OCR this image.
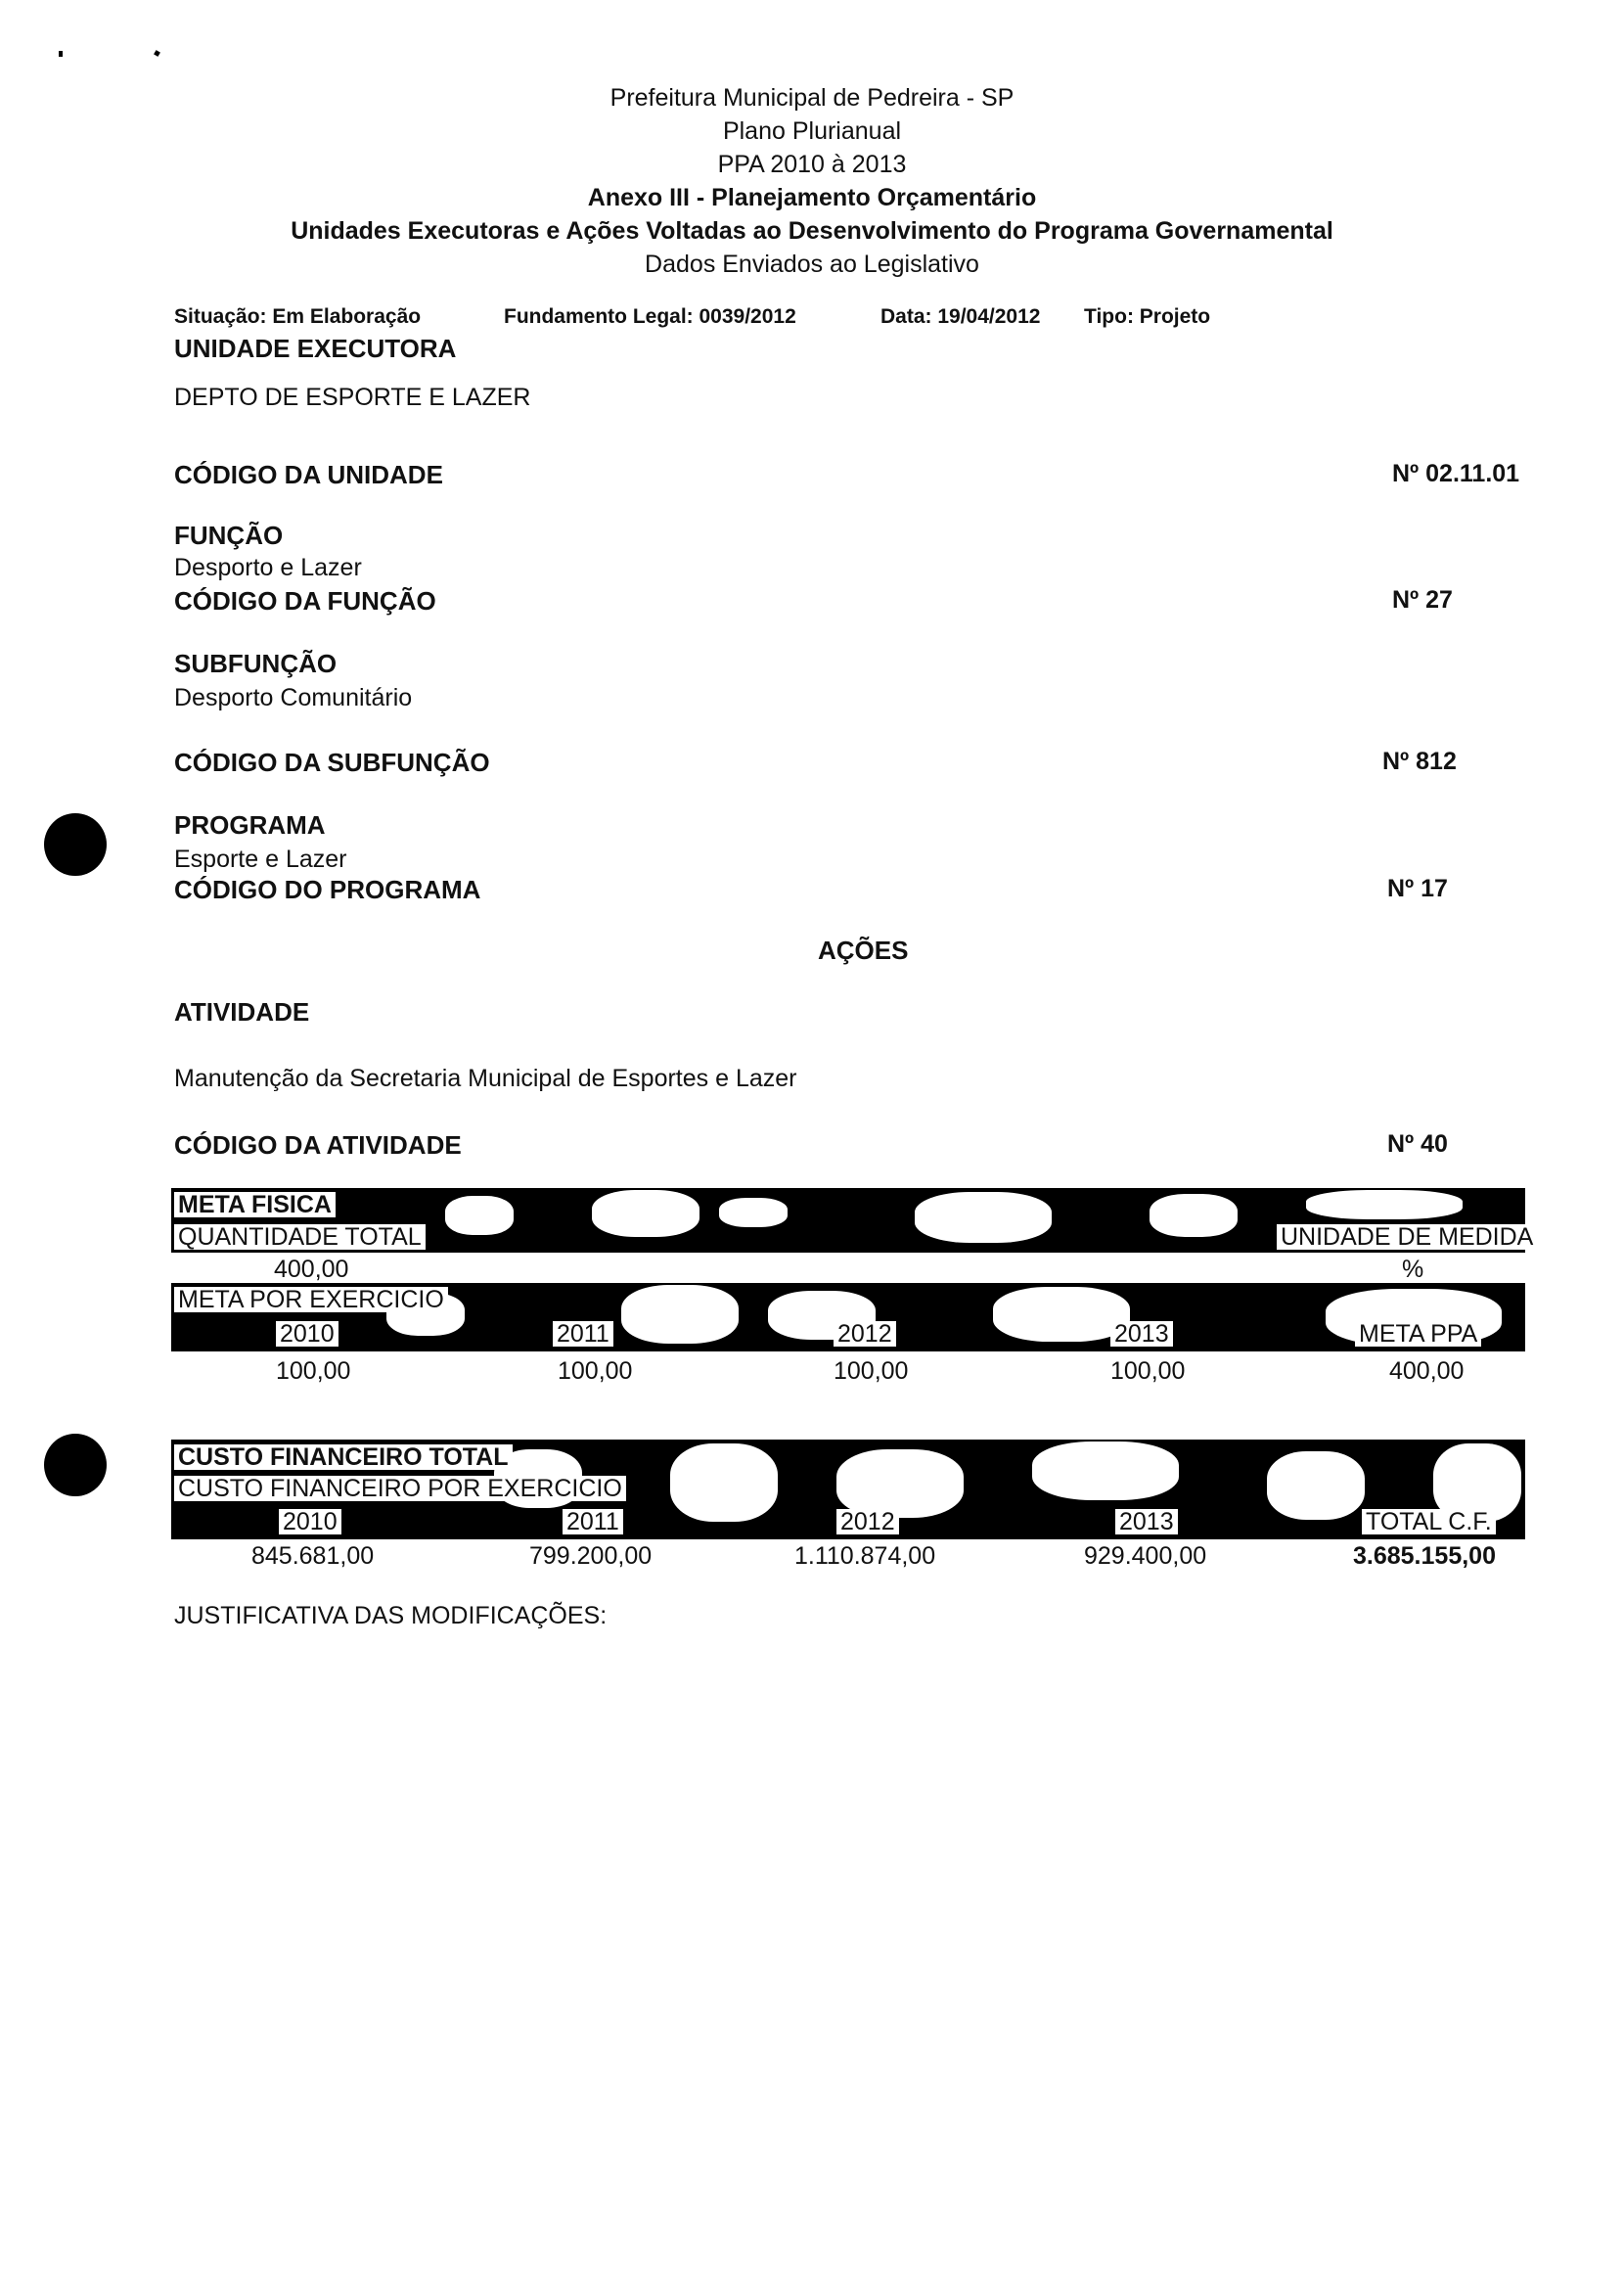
Prefeitura Municipal de Pedreira - SP
Plano Plurianual
PPA 2010 à 2013
Anexo III - Planejamento Orçamentário
Unidades Executoras e Ações Voltadas ao Desenvolvimento do Programa Governamental
Dados Enviados ao Legislativo
Situação: Em Elaboração	Fundamento Legal: 0039/2012	Data: 19/04/2012 Tipo: Projeto
UNIDADE EXECUTORA
DEPTO DE ESPORTE E LAZER
CÓDIGO DA UNIDADE	Nº 02.11.01
FUNÇÃO
Desporto e Lazer
CÓDIGO DA FUNÇÃO	Nº 27
SUBFUNÇÃO
Desporto Comunitário
CÓDIGO DA SUBFUNÇÃO	Nº 812
PROGRAMA
Esporte e Lazer
CÓDIGO DO PROGRAMA	Nº 17
AÇÕES
ATIVIDADE
Manutenção da Secretaria Municipal de Esportes e Lazer
CÓDIGO DA ATIVIDADE	Nº 40
META FISICA
QUANTIDADE TOTAL	UNIDADE DE MEDIDA
400,00	%
META POR EXERCICIO
2010	2011	2012	2013	META PPA
100,00	100,00	100,00	100,00	400,00
CUSTO FINANCEIRO TOTAL
CUSTO FINANCEIRO POR EXERCICIO
2010	2011	2012	2013	TOTAL C.F.
845.681,00	799.200,00	1.110.874,00	929.400,00	3.685.155,00
JUSTIFICATIVA DAS MODIFICAÇÕES:
